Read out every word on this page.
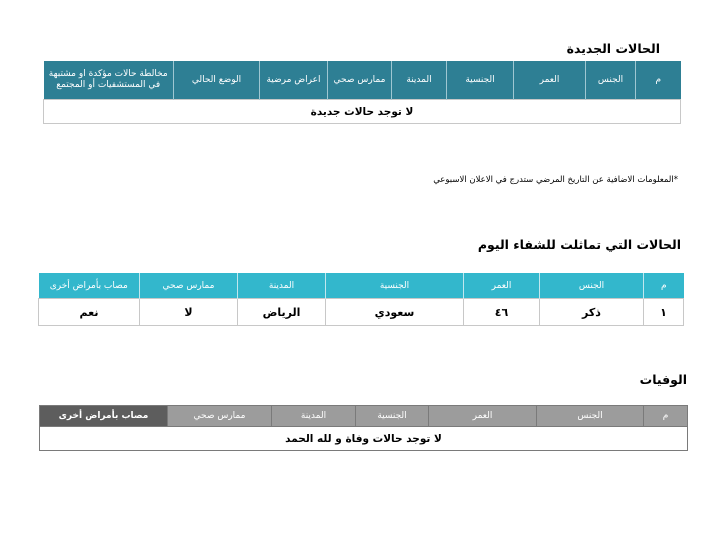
الحالات الجديدة
م	الجنس	العمر	الجنسية	المدينة	ممارس صحي	اعراض مرضية	الوضع الحالي	مخالطة حالات مؤكدة او مشتبهة في المستشفيات أو المجتمع
لا توجد حالات جديدة
*المعلومات الاضافية عن التاريخ المرضي ستدرج في الاعلان الاسبوعي
الحالات التي تماثلت للشفاء اليوم
م	الجنس	العمر	الجنسية	المدينة	ممارس صحي	مصاب بأمراض أخرى
١	ذكر	٤٦	سعودي	الرياض	لا	نعم
الوفيات
م	الجنس	العمر	الجنسية	المدينة	ممارس صحي	مصاب بأمراض أخرى
لا توجد حالات وفاة و لله الحمد
